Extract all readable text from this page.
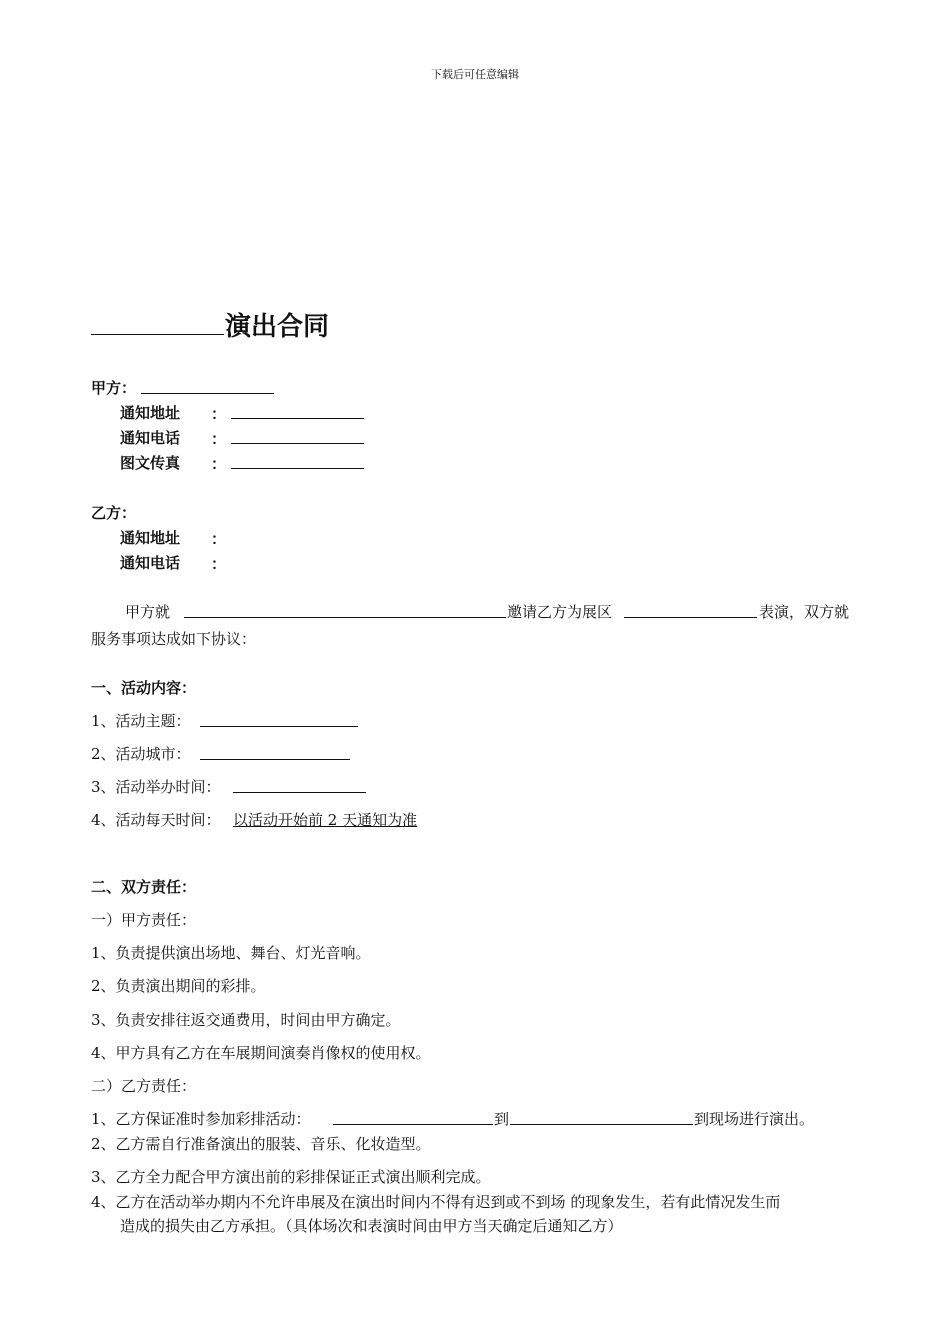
下载后可任意编辑
演出合同
甲方：
通知地址 ：
通知电话 ：
图文传真 ：
乙方：
通知地址 ：
通知电话 ：
甲方就	邀请乙方为展区	表演，双方就
服务事项达成如下协议：
一、活动内容：
1、活动主题：
2、活动城市：
3、活动举办时间：
4、活动每天时间： 以活动开始前 2 天通知为准
二、双方责任：
一）甲方责任：
1、负责提供演出场地、舞台、灯光音响。
2、负责演出期间的彩排。
3、负责安排往返交通费用，时间由甲方确定。
4、甲方具有乙方在车展期间演奏肖像权的使用权。
二）乙方责任：
1、乙方保证准时参加彩排活动：	到	到现场进行演出。
2、乙方需自行准备演出的服装、音乐、化妆造型。
3、乙方全力配合甲方演出前的彩排保证正式演出顺利完成。
4、乙方在活动举办期内不允许串展及在演出时间内不得有迟到或不到场 的现象发生，若有此情况发生而
造成的损失由乙方承担。（具体场次和表演时间由甲方当天确定后通知乙方）
